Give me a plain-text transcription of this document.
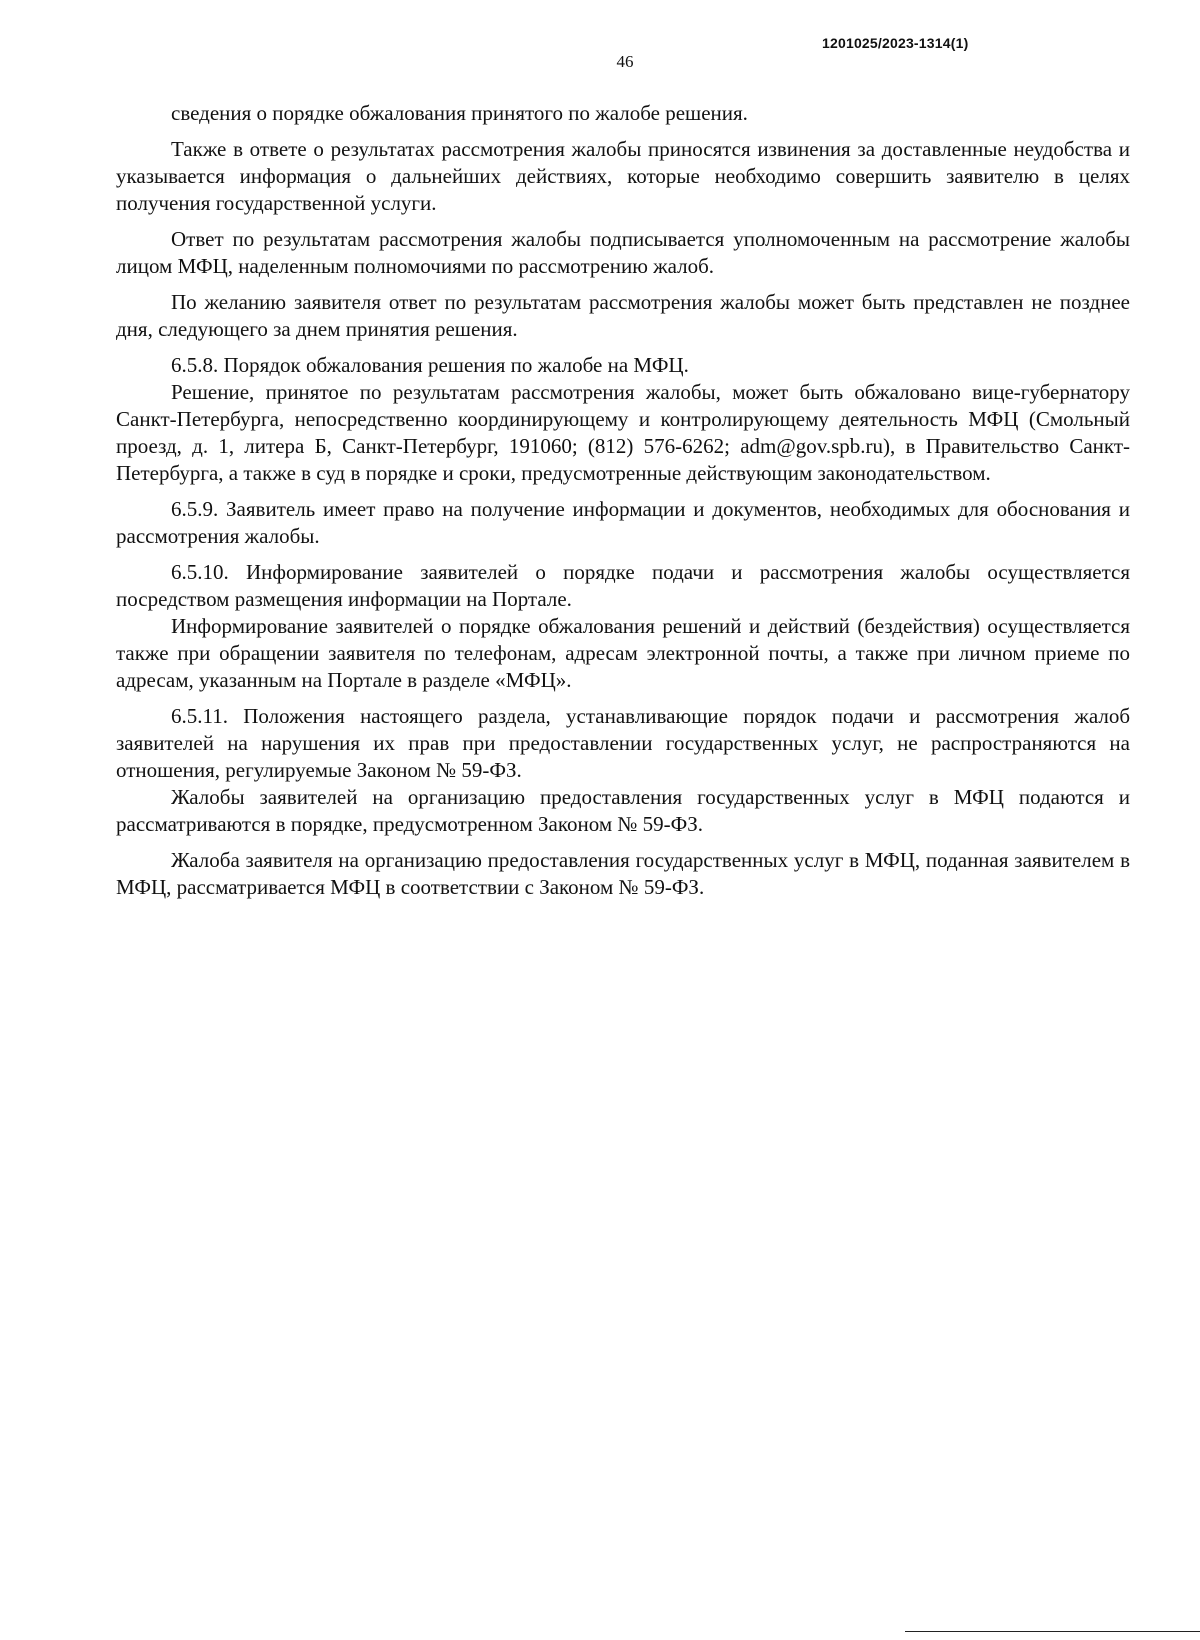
1201025/2023-1314(1)
46

сведения о порядке обжалования принятого по жалобе решения.

Также в ответе о результатах рассмотрения жалобы приносятся извинения за доставленные неудобства и указывается информация о дальнейших действиях, которые необходимо совершить заявителю в целях получения государственной услуги.

Ответ по результатам рассмотрения жалобы подписывается уполномоченным на рассмотрение жалобы лицом МФЦ, наделенным полномочиями по рассмотрению жалоб.

По желанию заявителя ответ по результатам рассмотрения жалобы может быть представлен не позднее дня, следующего за днем принятия решения.

6.5.8. Порядок обжалования решения по жалобе на МФЦ.

Решение, принятое по результатам рассмотрения жалобы, может быть обжаловано вице-губернатору Санкт-Петербурга, непосредственно координирующему и контролирующему деятельность МФЦ (Смольный проезд, д. 1, литера Б, Санкт-Петербург, 191060; (812) 576-6262; adm@gov.spb.ru), в Правительство Санкт-Петербурга, а также в суд в порядке и сроки, предусмотренные действующим законодательством.

6.5.9. Заявитель имеет право на получение информации и документов, необходимых для обоснования и рассмотрения жалобы.

6.5.10. Информирование заявителей о порядке подачи и рассмотрения жалобы осуществляется посредством размещения информации на Портале.

Информирование заявителей о порядке обжалования решений и действий (бездействия) осуществляется также при обращении заявителя по телефонам, адресам электронной почты, а также при личном приеме по адресам, указанным на Портале в разделе «МФЦ».

6.5.11. Положения настоящего раздела, устанавливающие порядок подачи и рассмотрения жалоб заявителей на нарушения их прав при предоставлении государственных услуг, не распространяются на отношения, регулируемые Законом № 59-ФЗ.

Жалобы заявителей на организацию предоставления государственных услуг в МФЦ подаются и рассматриваются в порядке, предусмотренном Законом № 59-ФЗ.

Жалоба заявителя на организацию предоставления государственных услуг в МФЦ, поданная заявителем в МФЦ, рассматривается МФЦ в соответствии с Законом № 59-ФЗ.
